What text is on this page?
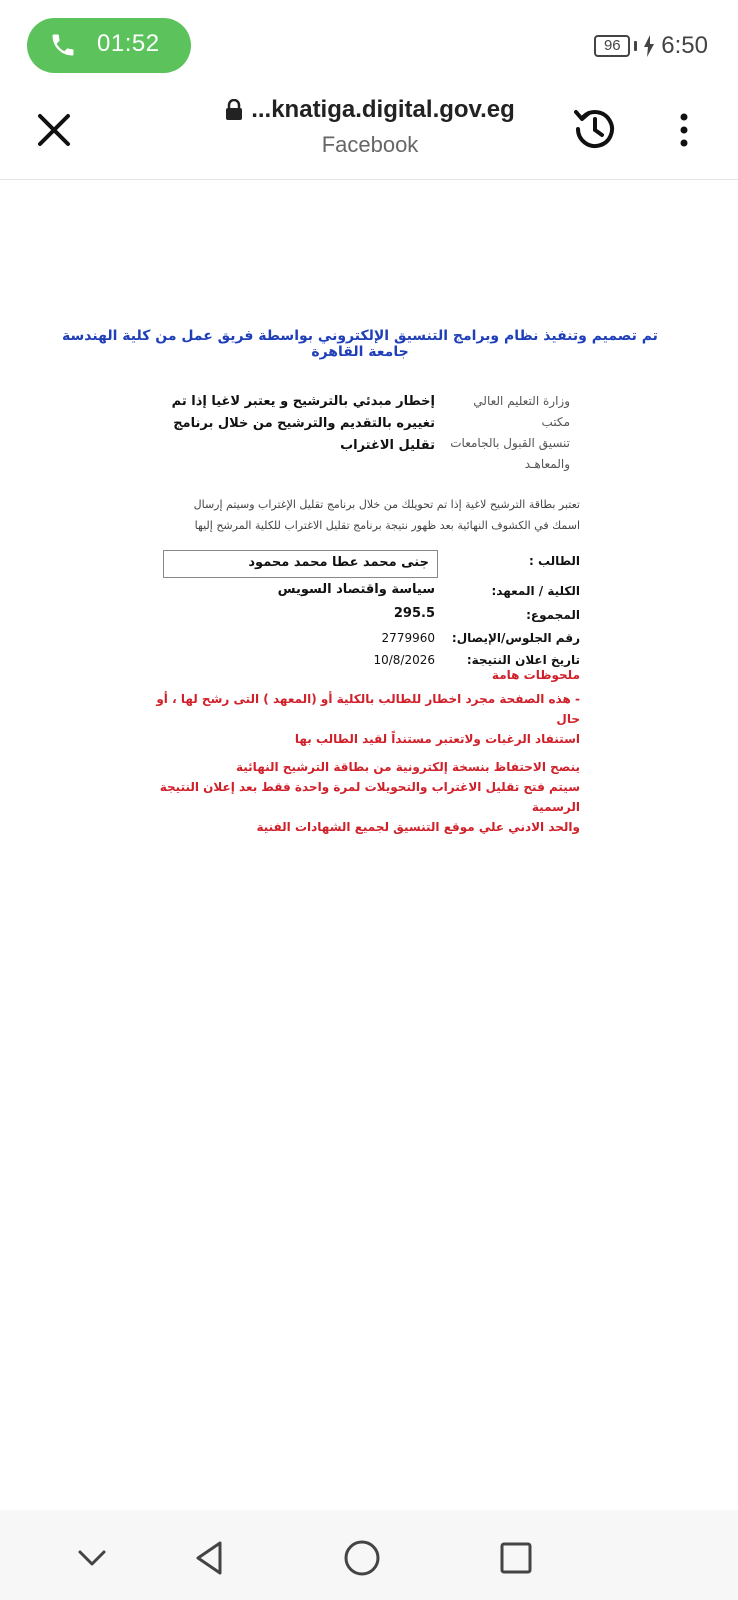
01:52	96	6:50
...knatiga.digital.gov.eg
Facebook
تم تصميم وتنفيذ نظام وبرامج التنسيق الإلكتروني بواسطة فريق عمل من كلية الهندسة جامعة القاهرة
وزارة التعليم العالي مكتب
تنسيق القبول بالجامعات
والمعاهـد
إخطار مبدئي بالترشيح و يعتبر لاغيا إذا تم تغييره بالتقديم والترشيح من خلال برنامج تقليل الاغتراب
تعتبر بطاقة الترشيح لاغية إذا تم تحويلك من خلال برنامج تقليل الإغتراب وسيتم إرسال اسمك في الكشوف النهائية بعد ظهور نتيجة برنامج تقليل الاغتراب للكلية المرشح إليها
الطالب :
جنى محمد عطا محمد محمود
الكلية / المعهد:
سياسة واقتصاد السويس
المجموع:
295.5
رقم الجلوس/الإيصال:
2779960
تاريخ اعلان النتيجة:
10/8/2026
ملحوظات هامة
- هذه الصفحة مجرد اخطار للطالب بالكلية أو (المعهد ) التى رشح لها ، أو حال
استنفاد الرغبات ولاتعتبر مستنداً لقيد الطالب بها
ينصح الاحتفاظ بنسخة إلكترونية من بطاقة الترشيح النهائية
سيتم فتح تقليل الاغتراب والتحويلات لمرة واحدة فقط بعد إعلان النتيجة الرسمية
والحد الادني علي موقع التنسيق لجميع الشهادات الفنية
